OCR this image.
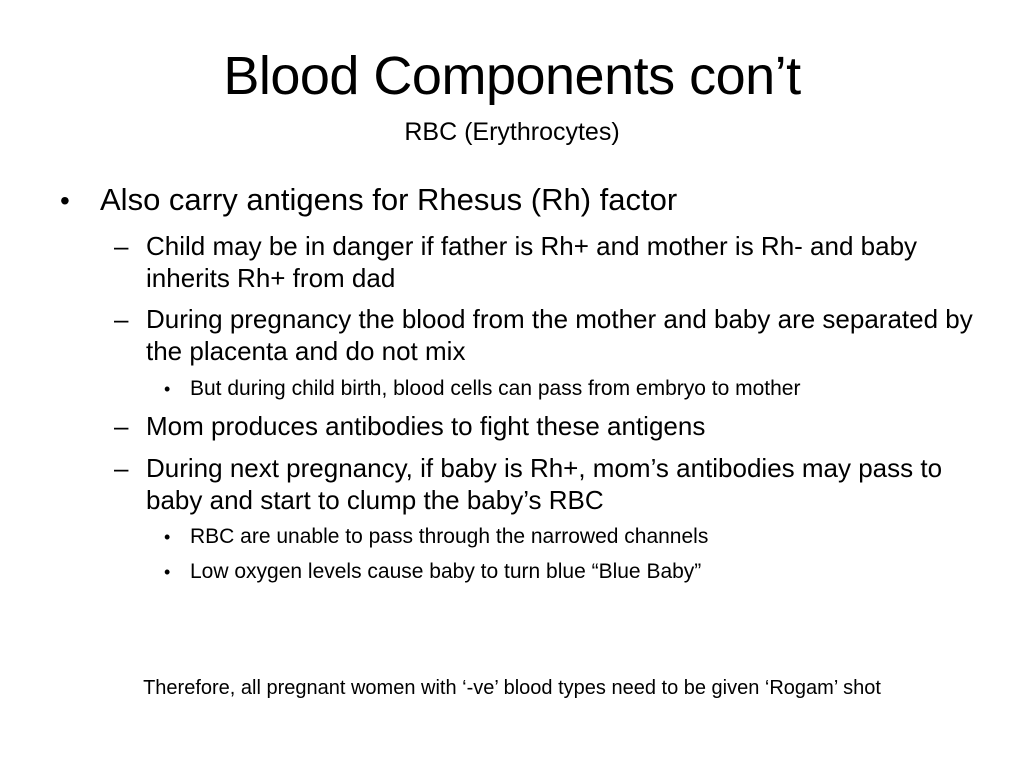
Blood Components con’t
RBC (Erythrocytes)
• Also carry antigens for Rhesus (Rh) factor

– Child may be in danger if father is Rh+ and mother is Rh- and baby inherits Rh+ from dad

– During pregnancy the blood from the mother and baby are separated by the placenta and do not mix

• But during child birth, blood cells can pass from embryo to mother

– Mom produces antibodies to fight these antigens

– During next pregnancy, if baby is Rh+, mom’s antibodies may pass to baby and start to clump the baby’s RBC

• RBC are unable to pass through the narrowed channels

• Low oxygen levels cause baby to turn blue “Blue Baby”

Therefore, all pregnant women with ‘-ve’ blood types need to be given ‘Rogam’ shot
